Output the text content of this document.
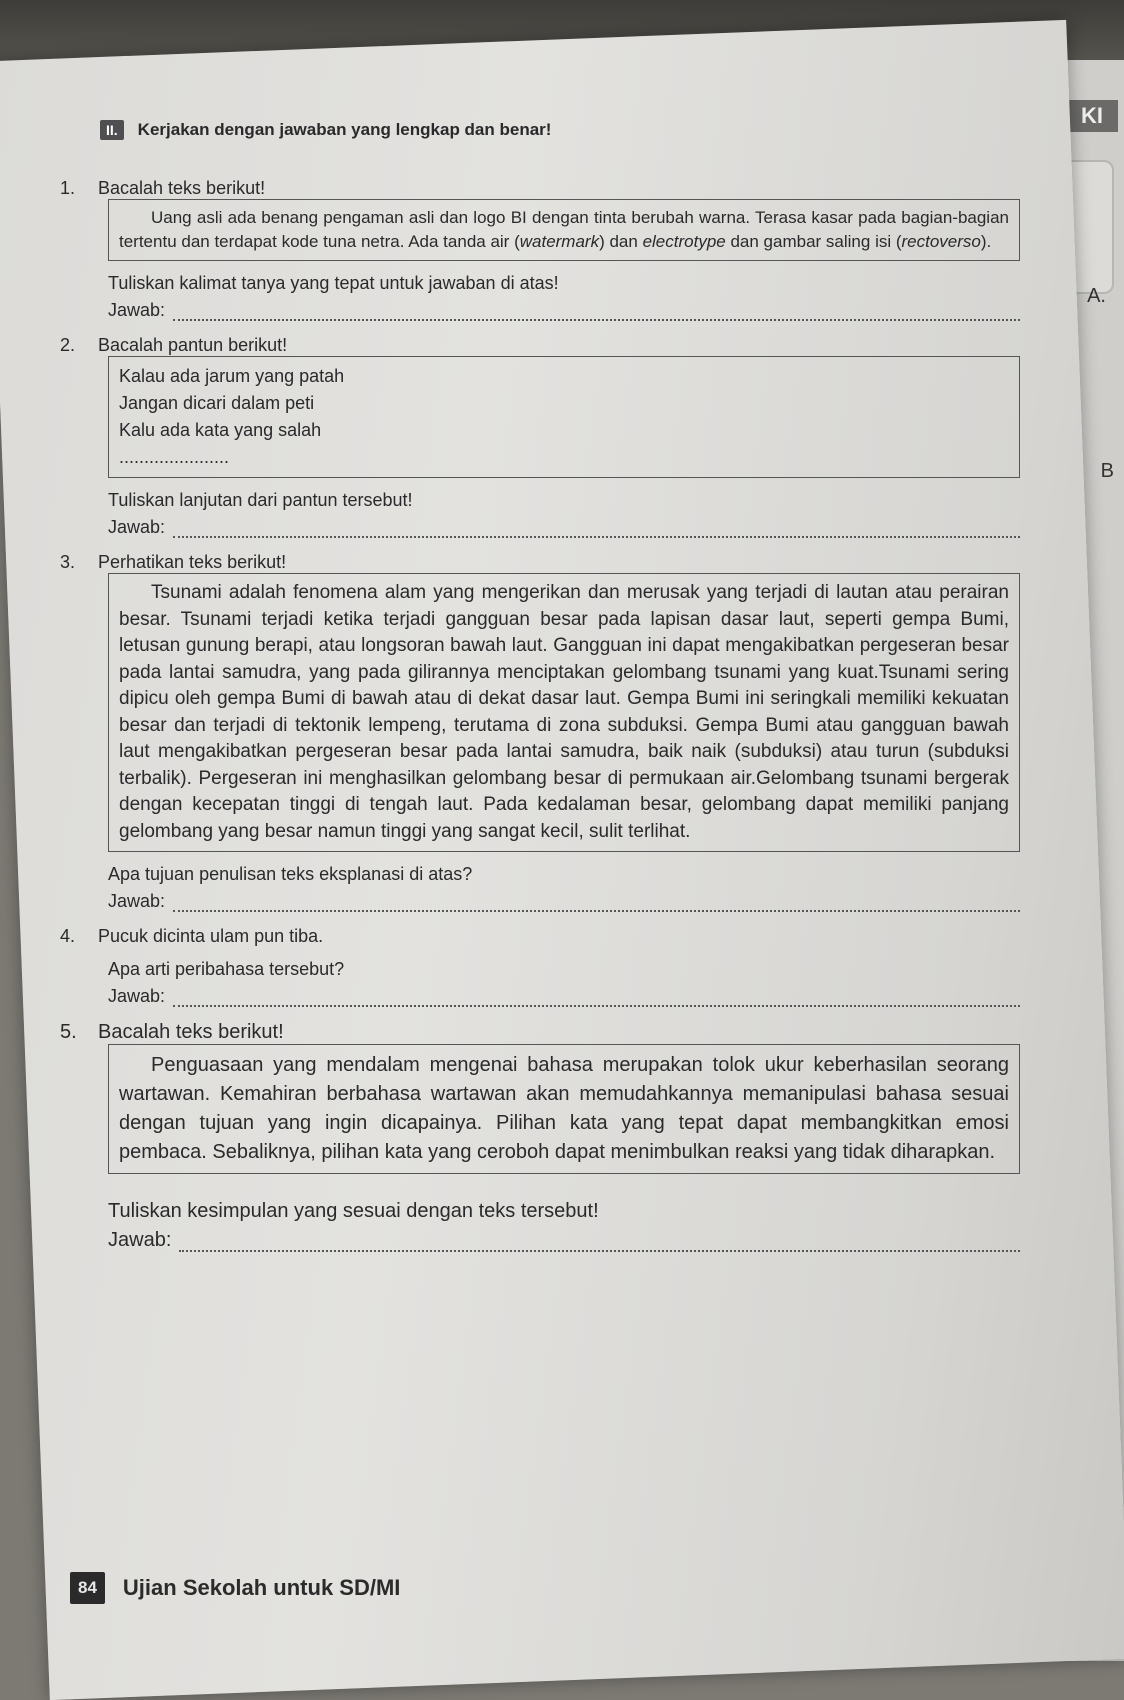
KI
A.
B
II.	Kerjakan dengan jawaban yang lengkap dan benar!
1.	Bacalah teks berikut!

Uang asli ada benang pengaman asli dan logo BI dengan tinta berubah warna. Terasa kasar pada bagian-bagian tertentu dan terdapat kode tuna netra. Ada tanda air (watermark) dan electrotype dan gambar saling isi (rectoverso).

Tuliskan kalimat tanya yang tepat untuk jawaban di atas!
Jawab:
2.	Bacalah pantun berikut!
Kalau ada jarum yang patah
Jangan dicari dalam peti
Kalu ada kata yang salah
......................
Tuliskan lanjutan dari pantun tersebut!
Jawab:
3.	Perhatikan teks berikut!

Tsunami adalah fenomena alam yang mengerikan dan merusak yang terjadi di lautan atau perairan besar. Tsunami terjadi ketika terjadi gangguan besar pada lapisan dasar laut, seperti gempa Bumi, letusan gunung berapi, atau longsoran bawah laut. Gangguan ini dapat mengakibatkan pergeseran besar pada lantai samudra, yang pada gilirannya menciptakan gelombang tsunami yang kuat.Tsunami sering dipicu oleh gempa Bumi di bawah atau di dekat dasar laut. Gempa Bumi ini seringkali memiliki kekuatan besar dan terjadi di tektonik lempeng, terutama di zona subduksi. Gempa Bumi atau gangguan bawah laut mengakibatkan pergeseran besar pada lantai samudra, baik naik (subduksi) atau turun (subduksi terbalik). Pergeseran ini menghasilkan gelombang besar di permukaan air.Gelombang tsunami bergerak dengan kecepatan tinggi di tengah laut. Pada kedalaman besar, gelombang dapat memiliki panjang gelombang yang besar namun tinggi yang sangat kecil, sulit terlihat.

Apa tujuan penulisan teks eksplanasi di atas?
Jawab:
4.	Pucuk dicinta ulam pun tiba.
Apa arti peribahasa tersebut?
Jawab:
5. Bacalah teks berikut!

Penguasaan yang mendalam mengenai bahasa merupakan tolok ukur keberhasilan seorang wartawan. Kemahiran berbahasa wartawan akan memudahkannya memanipulasi bahasa sesuai dengan tujuan yang ingin dicapainya. Pilihan kata yang tepat dapat membangkitkan emosi pembaca. Sebaliknya, pilihan kata yang ceroboh dapat menimbulkan reaksi yang tidak diharapkan.

Tuliskan kesimpulan yang sesuai dengan teks tersebut!
Jawab:
84	Ujian Sekolah untuk SD/MI
